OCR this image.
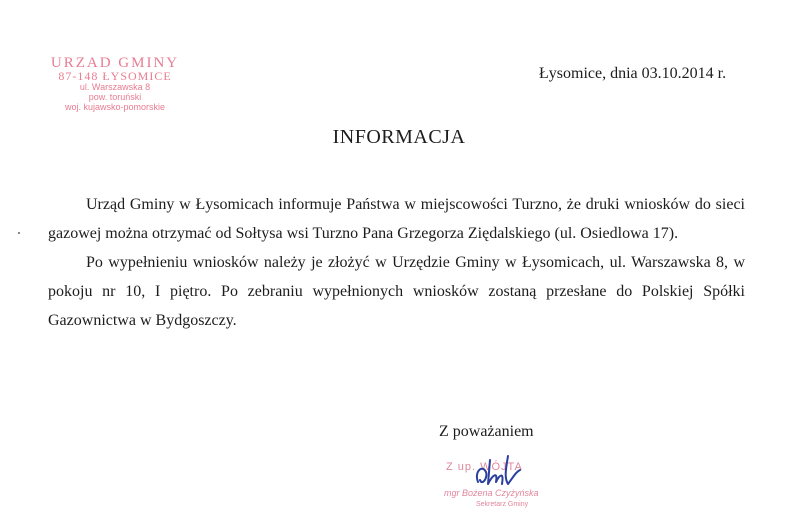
URZAD GMINY
87-148 ŁYSOMICE
ul. Warszawska 8
pow. toruński
woj. kujawsko-pomorskie
Łysomice, dnia 03.10.2014 r.
INFORMACJA

Urząd Gminy w Łysomicach informuje Państwa w miejscowości Turzno, że druki wniosków do sieci gazowej można otrzymać od Sołtysa wsi Turzno Pana Grzegorza Ziędalskiego (ul. Osiedlowa 17).

Po wypełnieniu wniosków należy je złożyć w Urzędzie Gminy w Łysomicach, ul. Warszawska 8, w pokoju nr 10, I piętro. Po zebraniu wypełnionych wniosków zostaną przesłane do Polskiej Spółki Gazownictwa w Bydgoszczy.

Z poważaniem
Z up. WÓJTA
mgr Bożena Czyżyńska
Sekretarz Gminy
